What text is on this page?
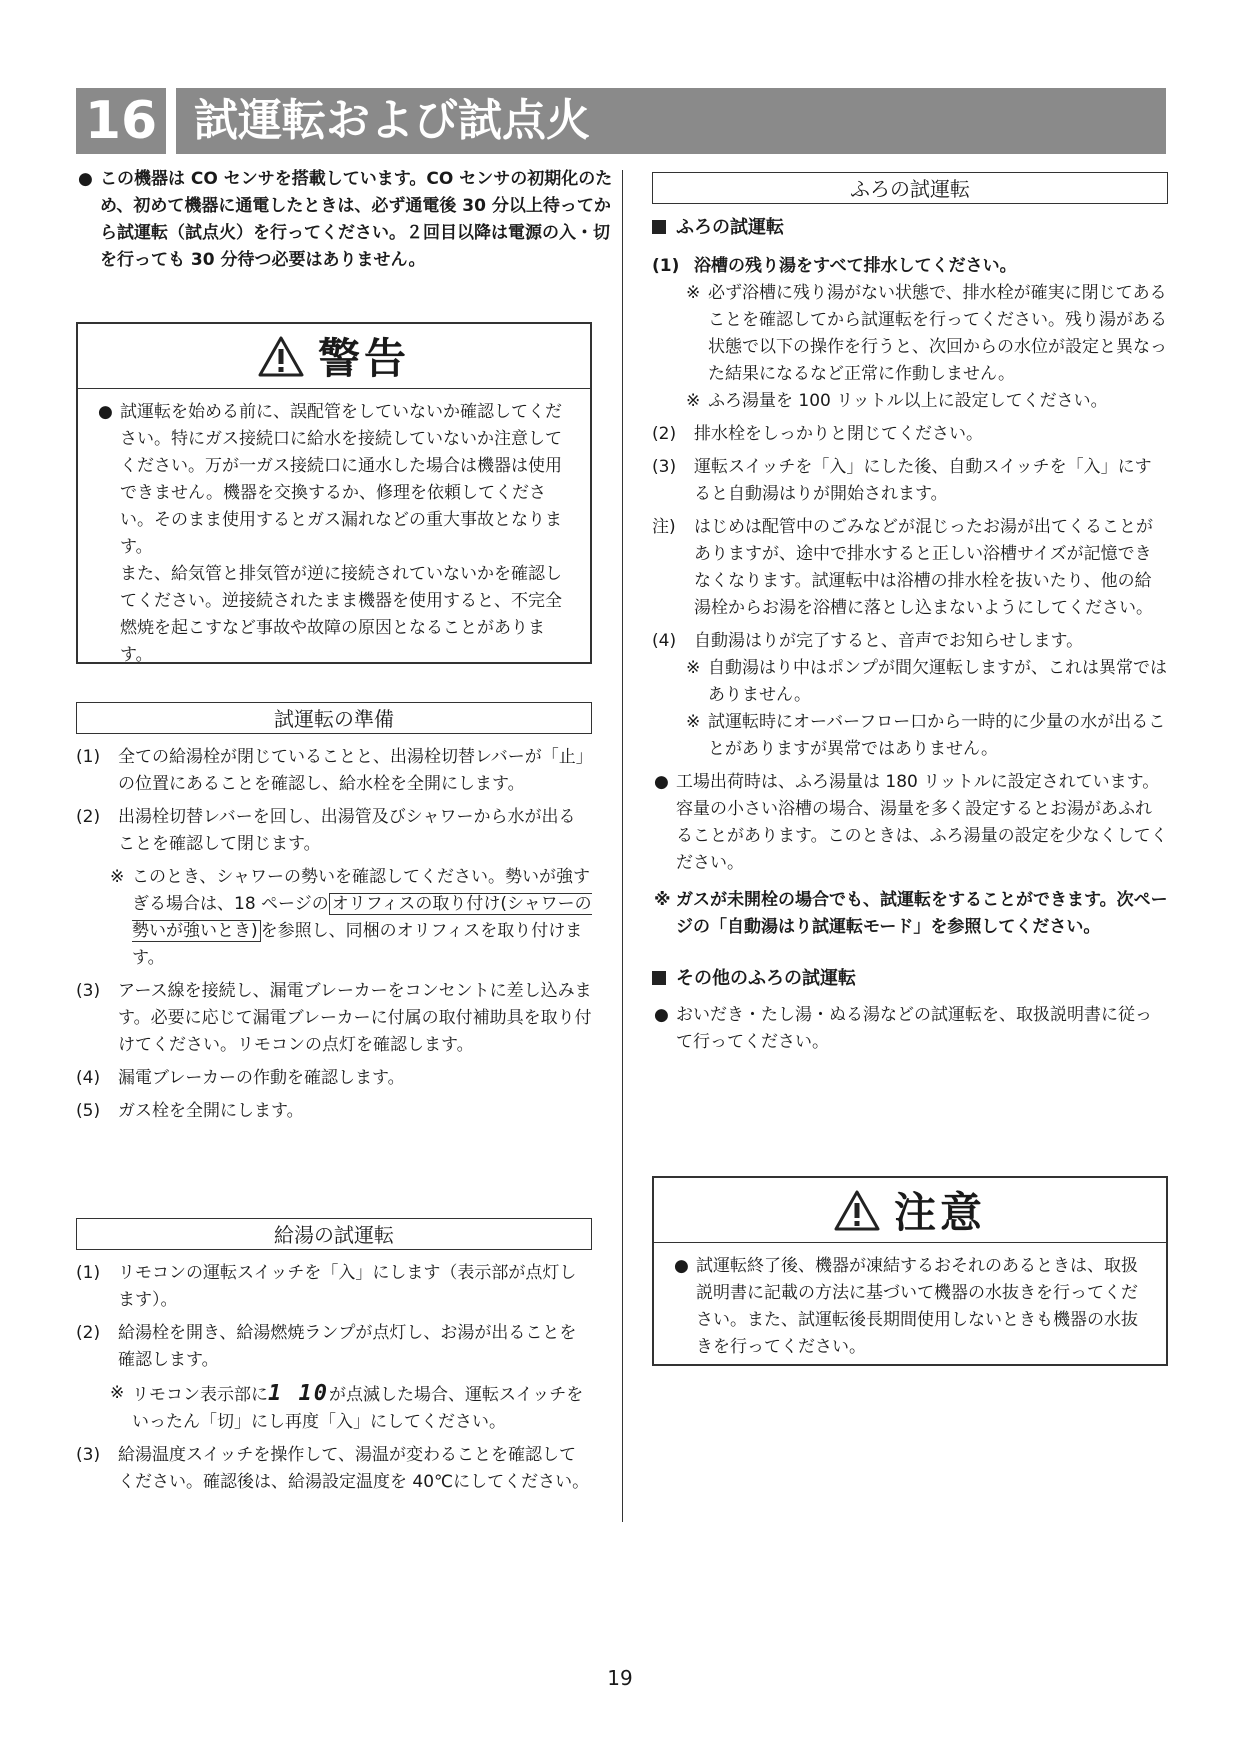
16 試運転および試点火
● この機器は CO センサを搭載しています。CO センサの初期化のため、初めて機器に通電したときは、必ず通電後 30 分以上待ってから試運転（試点火）を行ってください。２回目以降は電源の入・切を行っても 30 分待つ必要はありません。
警告
● 試運転を始める前に、誤配管をしていないか確認してください。特にガス接続口に給水を接続していないか注意してください。万が一ガス接続口に通水した場合は機器は使用できません。機器を交換するか、修理を依頼してください。そのまま使用するとガス漏れなどの重大事故となります。
また、給気管と排気管が逆に接続されていないかを確認してください。逆接続されたまま機器を使用すると、不完全燃焼を起こすなど事故や故障の原因となることがあります。
試運転の準備
(1) 全ての給湯栓が閉じていることと、出湯栓切替レバーが「止」の位置にあることを確認し、給水栓を全開にします。
(2) 出湯栓切替レバーを回し、出湯管及びシャワーから水が出ることを確認して閉じます。
※ このとき、シャワーの勢いを確認してください。勢いが強すぎる場合は、18 ページの オリフィスの取り付け(シャワーの勢いが強いとき) を参照し、同梱のオリフィスを取り付けます。
(3) アース線を接続し、漏電ブレーカーをコンセントに差し込みます。必要に応じて漏電ブレーカーに付属の取付補助具を取り付けてください。リモコンの点灯を確認します。
(4) 漏電ブレーカーの作動を確認します。
(5) ガス栓を全開にします。
給湯の試運転
(1) リモコンの運転スイッチを「入」にします（表示部が点灯します）。
(2) 給湯栓を開き、給湯燃焼ランプが点灯し、お湯が出ることを確認します。
※ リモコン表示部に1 10が点滅した場合、運転スイッチをいったん「切」にし再度「入」にしてください。
(3) 給湯温度スイッチを操作して、湯温が変わることを確認してください。確認後は、給湯設定温度を 40℃にしてください。
ふろの試運転
ふろの試運転
(1) 浴槽の残り湯をすべて排水してください。
※ 必ず浴槽に残り湯がない状態で、排水栓が確実に閉じてあることを確認してから試運転を行ってください。残り湯がある状態で以下の操作を行うと、次回からの水位が設定と異なった結果になるなど正常に作動しません。
※ ふろ湯量を 100 リットル以上に設定してください。
(2) 排水栓をしっかりと閉じてください。
(3) 運転スイッチを「入」にした後、自動スイッチを「入」にすると自動湯はりが開始されます。
注) はじめは配管中のごみなどが混じったお湯が出てくることがありますが、途中で排水すると正しい浴槽サイズが記憶できなくなります。試運転中は浴槽の排水栓を抜いたり、他の給湯栓からお湯を浴槽に落とし込まないようにしてください。
(4) 自動湯はりが完了すると、音声でお知らせします。
※ 自動湯はり中はポンプが間欠運転しますが、これは異常ではありません。
※ 試運転時にオーバーフロー口から一時的に少量の水が出ることがありますが異常ではありません。
● 工場出荷時は、ふろ湯量は 180 リットルに設定されています。容量の小さい浴槽の場合、湯量を多く設定するとお湯があふれることがあります。このときは、ふろ湯量の設定を少なくしてください。
※ ガスが未開栓の場合でも、試運転をすることができます。次ページの「自動湯はり試運転モード」を参照してください。
その他のふろの試運転
● おいだき・たし湯・ぬる湯などの試運転を、取扱説明書に従って行ってください。
注意
● 試運転終了後、機器が凍結するおそれのあるときは、取扱説明書に記載の方法に基づいて機器の水抜きを行ってください。また、試運転後長期間使用しないときも機器の水抜きを行ってください。
19
